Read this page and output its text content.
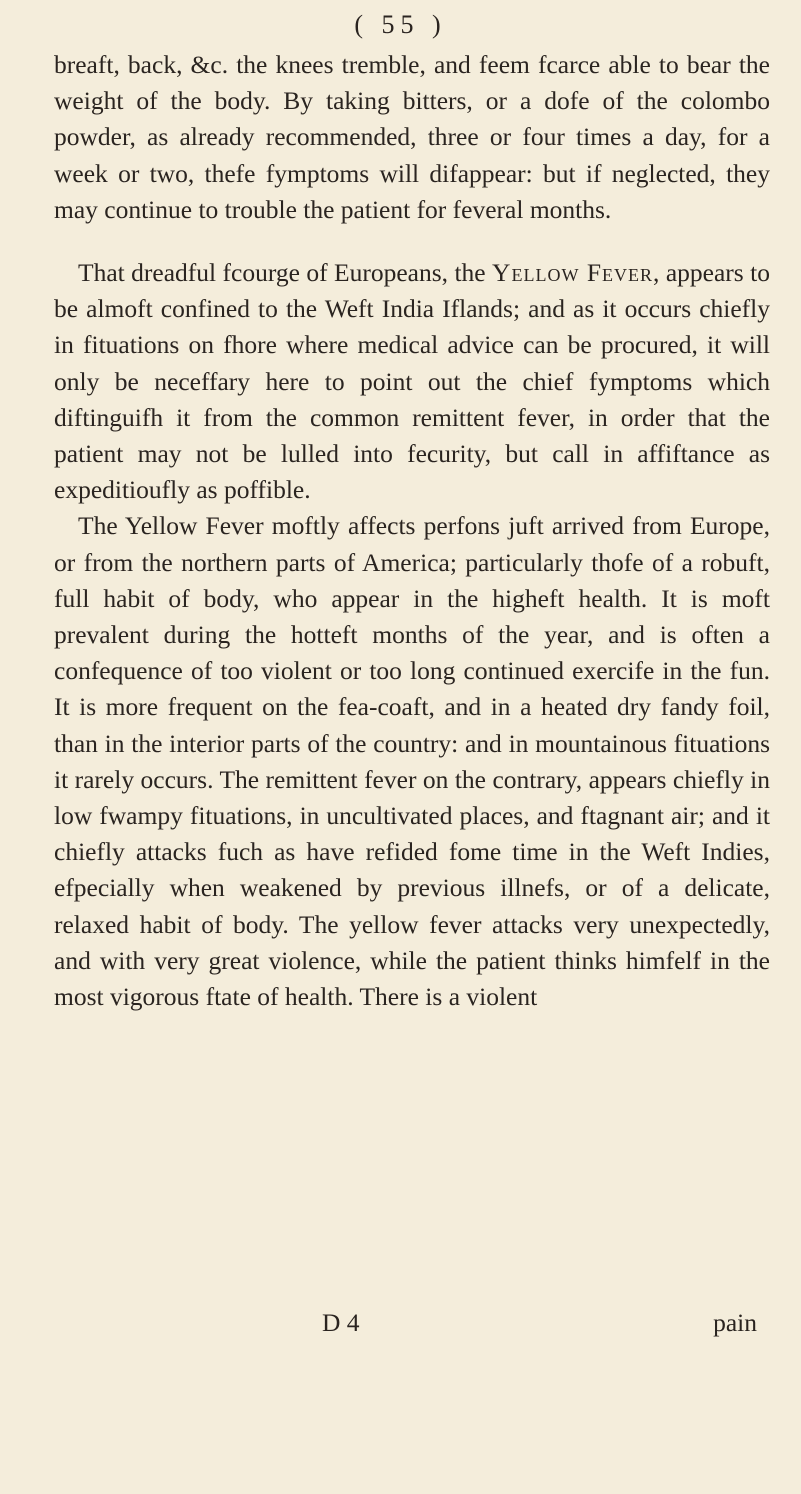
( 55 )

breaft, back, &c. the knees tremble, and feem fcarce able to bear the weight of the body. By taking bitters, or a dofe of the colombo powder, as already recommended, three or four times a day, for a week or two, thefe fymptoms will difappear: but if neglected, they may continue to trouble the patient for feveral months.

That dreadful fcourge of Europeans, the Yellow Fever, appears to be almoft confined to the Weft India Iflands; and as it occurs chiefly in fituations on fhore where medical advice can be procured, it will only be neceffary here to point out the chief fymptoms which diftinguifh it from the common remittent fever, in order that the patient may not be lulled into fecurity, but call in affiftance as expeditioufly as poffible.

The Yellow Fever moftly affects perfons juft arrived from Europe, or from the northern parts of America; particularly thofe of a robuft, full habit of body, who appear in the higheft health. It is moft prevalent during the hotteft months of the year, and is often a confequence of too violent or too long continued exercife in the fun. It is more frequent on the fea-coaft, and in a heated dry fandy foil, than in the interior parts of the country: and in mountainous fituations it rarely occurs. The remittent fever on the contrary, appears chiefly in low fwampy fituations, in uncultivated places, and ftagnant air; and it chiefly attacks fuch as have refided fome time in the Weft Indies, efpecially when weakened by previous illnefs, or of a delicate, relaxed habit of body. The yellow fever attacks very unexpectedly, and with very great violence, while the patient thinks himfelf in the most vigorous ftate of health. There is a violent

D 4	pain
